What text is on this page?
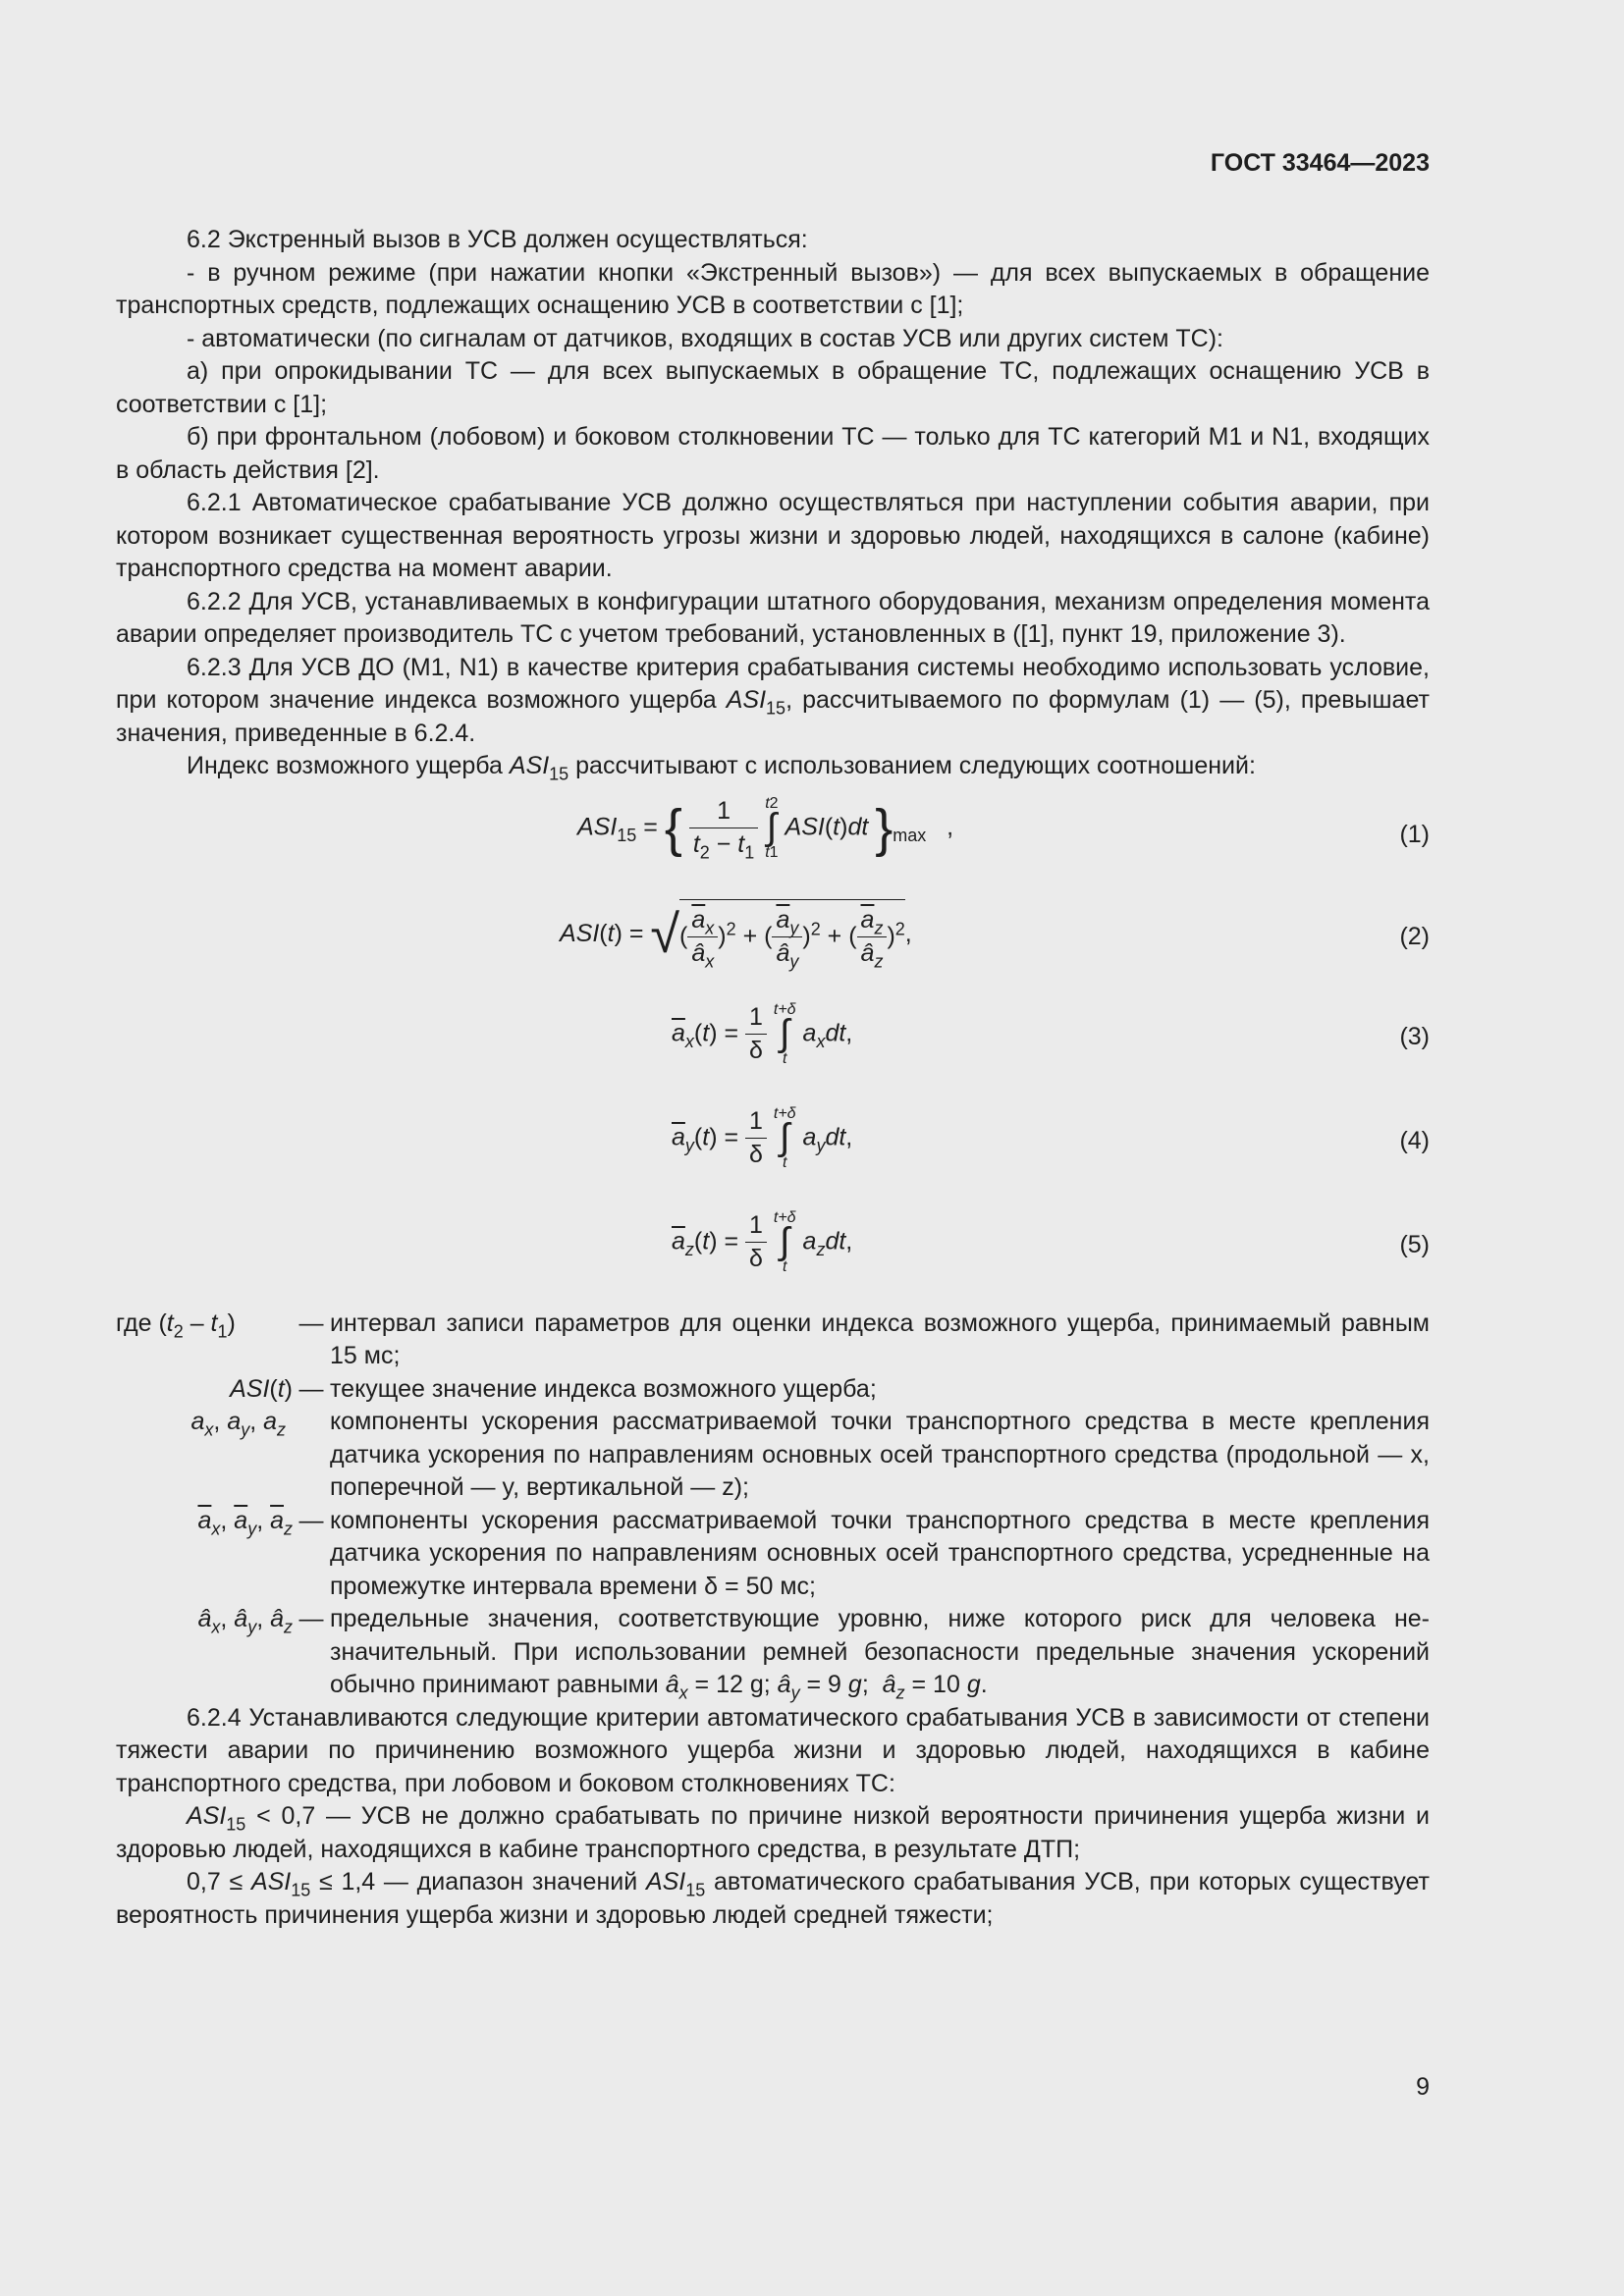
ГОСТ 33464—2023

6.2 Экстренный вызов в УСВ должен осуществляться:

- в ручном режиме (при нажатии кнопки «Экстренный вызов») — для всех выпускаемых в обращение транспортных средств, подлежащих оснащению УСВ в соответствии с [1];

- автоматически (по сигналам от датчиков, входящих в состав УСВ или других систем ТС):

а) при опрокидывании ТС — для всех выпускаемых в обращение ТС, подлежащих оснащению УСВ в соответствии с [1];

б) при фронтальном (лобовом) и боковом столкновении ТС — только для ТС категорий М1 и N1, входящих в область действия [2].

6.2.1 Автоматическое срабатывание УСВ должно осуществляться при наступлении события аварии, при котором возникает существенная вероятность угрозы жизни и здоровью людей, находящихся в салоне (кабине) транспортного средства на момент аварии.

6.2.2 Для УСВ, устанавливаемых в конфигурации штатного оборудования, механизм определения момента аварии определяет производитель ТС с учетом требований, установленных в ([1], пункт 19, приложение 3).

6.2.3 Для УСВ ДО (М1, N1) в качестве критерия срабатывания системы необходимо использовать условие, при котором значение индекса возможного ущерба $ASI_{15}$, рассчитываемого по формулам (1) — (5), превышает значения, приведенные в 6.2.4.

Индекс возможного ущерба $ASI_{15}$ рассчитывают с использованием следующих соотношений:

$ASI_{15}$ = { $\frac{1}{t_2 - t_1} t2$
∫
t1 ASI(t)dt }$_{max}$   ,	(1)
ASI(t) = √( $\frac{\overline{a}_x}{â_x} )^2$ + ( $\frac{\overline{a}_y}{â_y} )^2$ + ( $\frac{\overline{a}_z}{â_z} )^2$,	(2)
$\overline{a}_x(t) = \frac{1}{\delta} t+\delta$
∫
t $a_xdt$,	(3)
$\overline{a}_y(t) = \frac{1}{\delta} t+\delta$
∫
t $a_ydt$,	(4)
$\overline{a}_z(t) = \frac{1}{\delta} t+\delta$
∫
t $a_zdt$,	(5)
где $(t_2 - t_1)$	— интервал записи параметров для оценки индекса возможного ущерба, принимаемый равным 15 мс;
ASI(t) — текущее значение индекса возможного ущерба;
$a_x$, $a_y$, $a_z$ компоненты ускорения рассматриваемой точки транспортного средства в месте крепления датчика ускорения по направлениям основных осей транспортного средства (продольной — x, поперечной — y, вертикальной — z);
$\overline{a}_x$, $\overline{a}_y$, $\overline{a}_z$ — компоненты ускорения рассматриваемой точки транспортного средства в месте крепления датчика ускорения по направлениям основных осей транспортного средства, усредненные на промежутке интервала времени δ = 50 мс;
$â_x$, $â_y$, $â_z$ — предельные значения, соответствующие уровню, ниже которого риск для человека незначительный. При использовании ремней безопасности предельные значения ускорений обычно принимают равными $â_x = 12$ g; $â_y = 9$ g;  $â_z = 10$ g.

6.2.4 Устанавливаются следующие критерии автоматического срабатывания УСВ в зависимости от степени тяжести аварии по причинению возможного ущерба жизни и здоровью людей, находящихся в кабине транспортного средства, при лобовом и боковом столкновениях ТС:

$ASI_{15} < 0,7$ — УСВ не должно срабатывать по причине низкой вероятности причинения ущерба жизни и здоровью людей, находящихся в кабине транспортного средства, в результате ДТП;

$0,7 \le ASI_{15} \le 1,4$ — диапазон значений $ASI_{15}$ автоматического срабатывания УСВ, при которых существует вероятность причинения ущерба жизни и здоровью людей средней тяжести;

9
